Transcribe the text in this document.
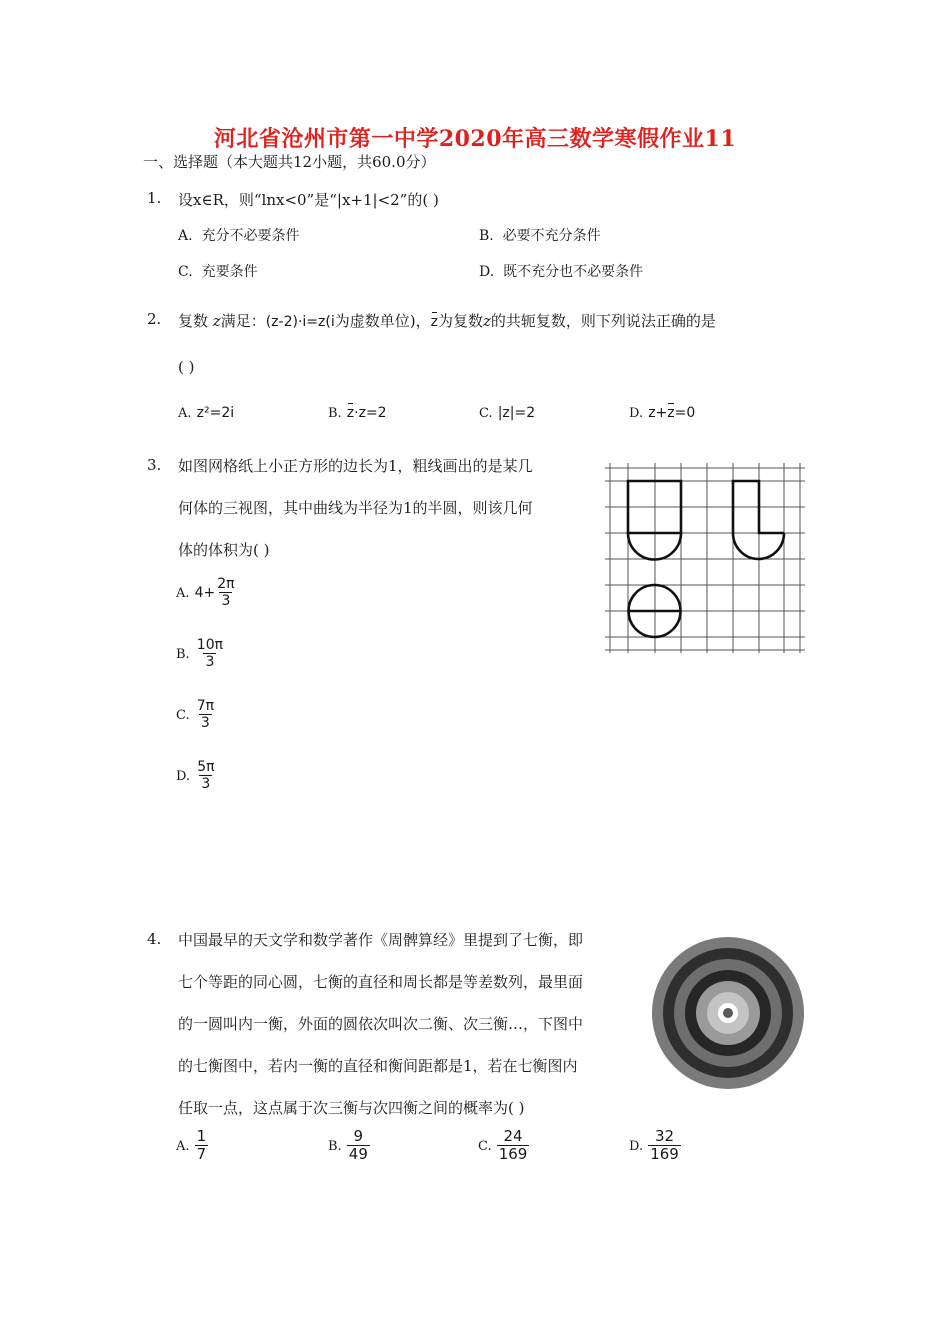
河北省沧州市第一中学2020年高三数学寒假作业11
一、选择题（本大题共12小题，共60.0分）
1. 设x∈R，则“lnx<0”是“|x+1|<2”的( )
A. 充分不必要条件	B. 必要不充分条件
C. 充要条件	D. 既不充分也不必要条件
2. 复数 z满足：(z-2)·i=z(i为虚数单位)，z为复数z的共轭复数，则下列说法正确的是
( )
A. z²=2i	B. z·z=2	C. |z|=2	D. z+z=0
3. 如图网格纸上小正方形的边长为1，粗线画出的是某几
何体的三视图，其中曲线为半径为1的半圆，则该几何
体的体积为( )
A. $4+ \frac{2\pi}{3}$
B. $\frac{10\pi}{3}$
C. $\frac{7\pi}{3}$
D. $\frac{5\pi}{3}$
4. 中国最早的天文学和数学著作《周髀算经》里提到了七衡，即
七个等距的同心圆，七衡的直径和周长都是等差数列，最里面
的一圆叫内一衡，外面的圆依次叫次二衡、次三衡…，下图中
的七衡图中，若内一衡的直径和衡间距都是1，若在七衡图内
任取一点，这点属于次三衡与次四衡之间的概率为( )
A. $\frac{1}{7}$	B. $\frac{9}{49}$	C. $\frac{24}{169}$	D. $\frac{32}{169}$
